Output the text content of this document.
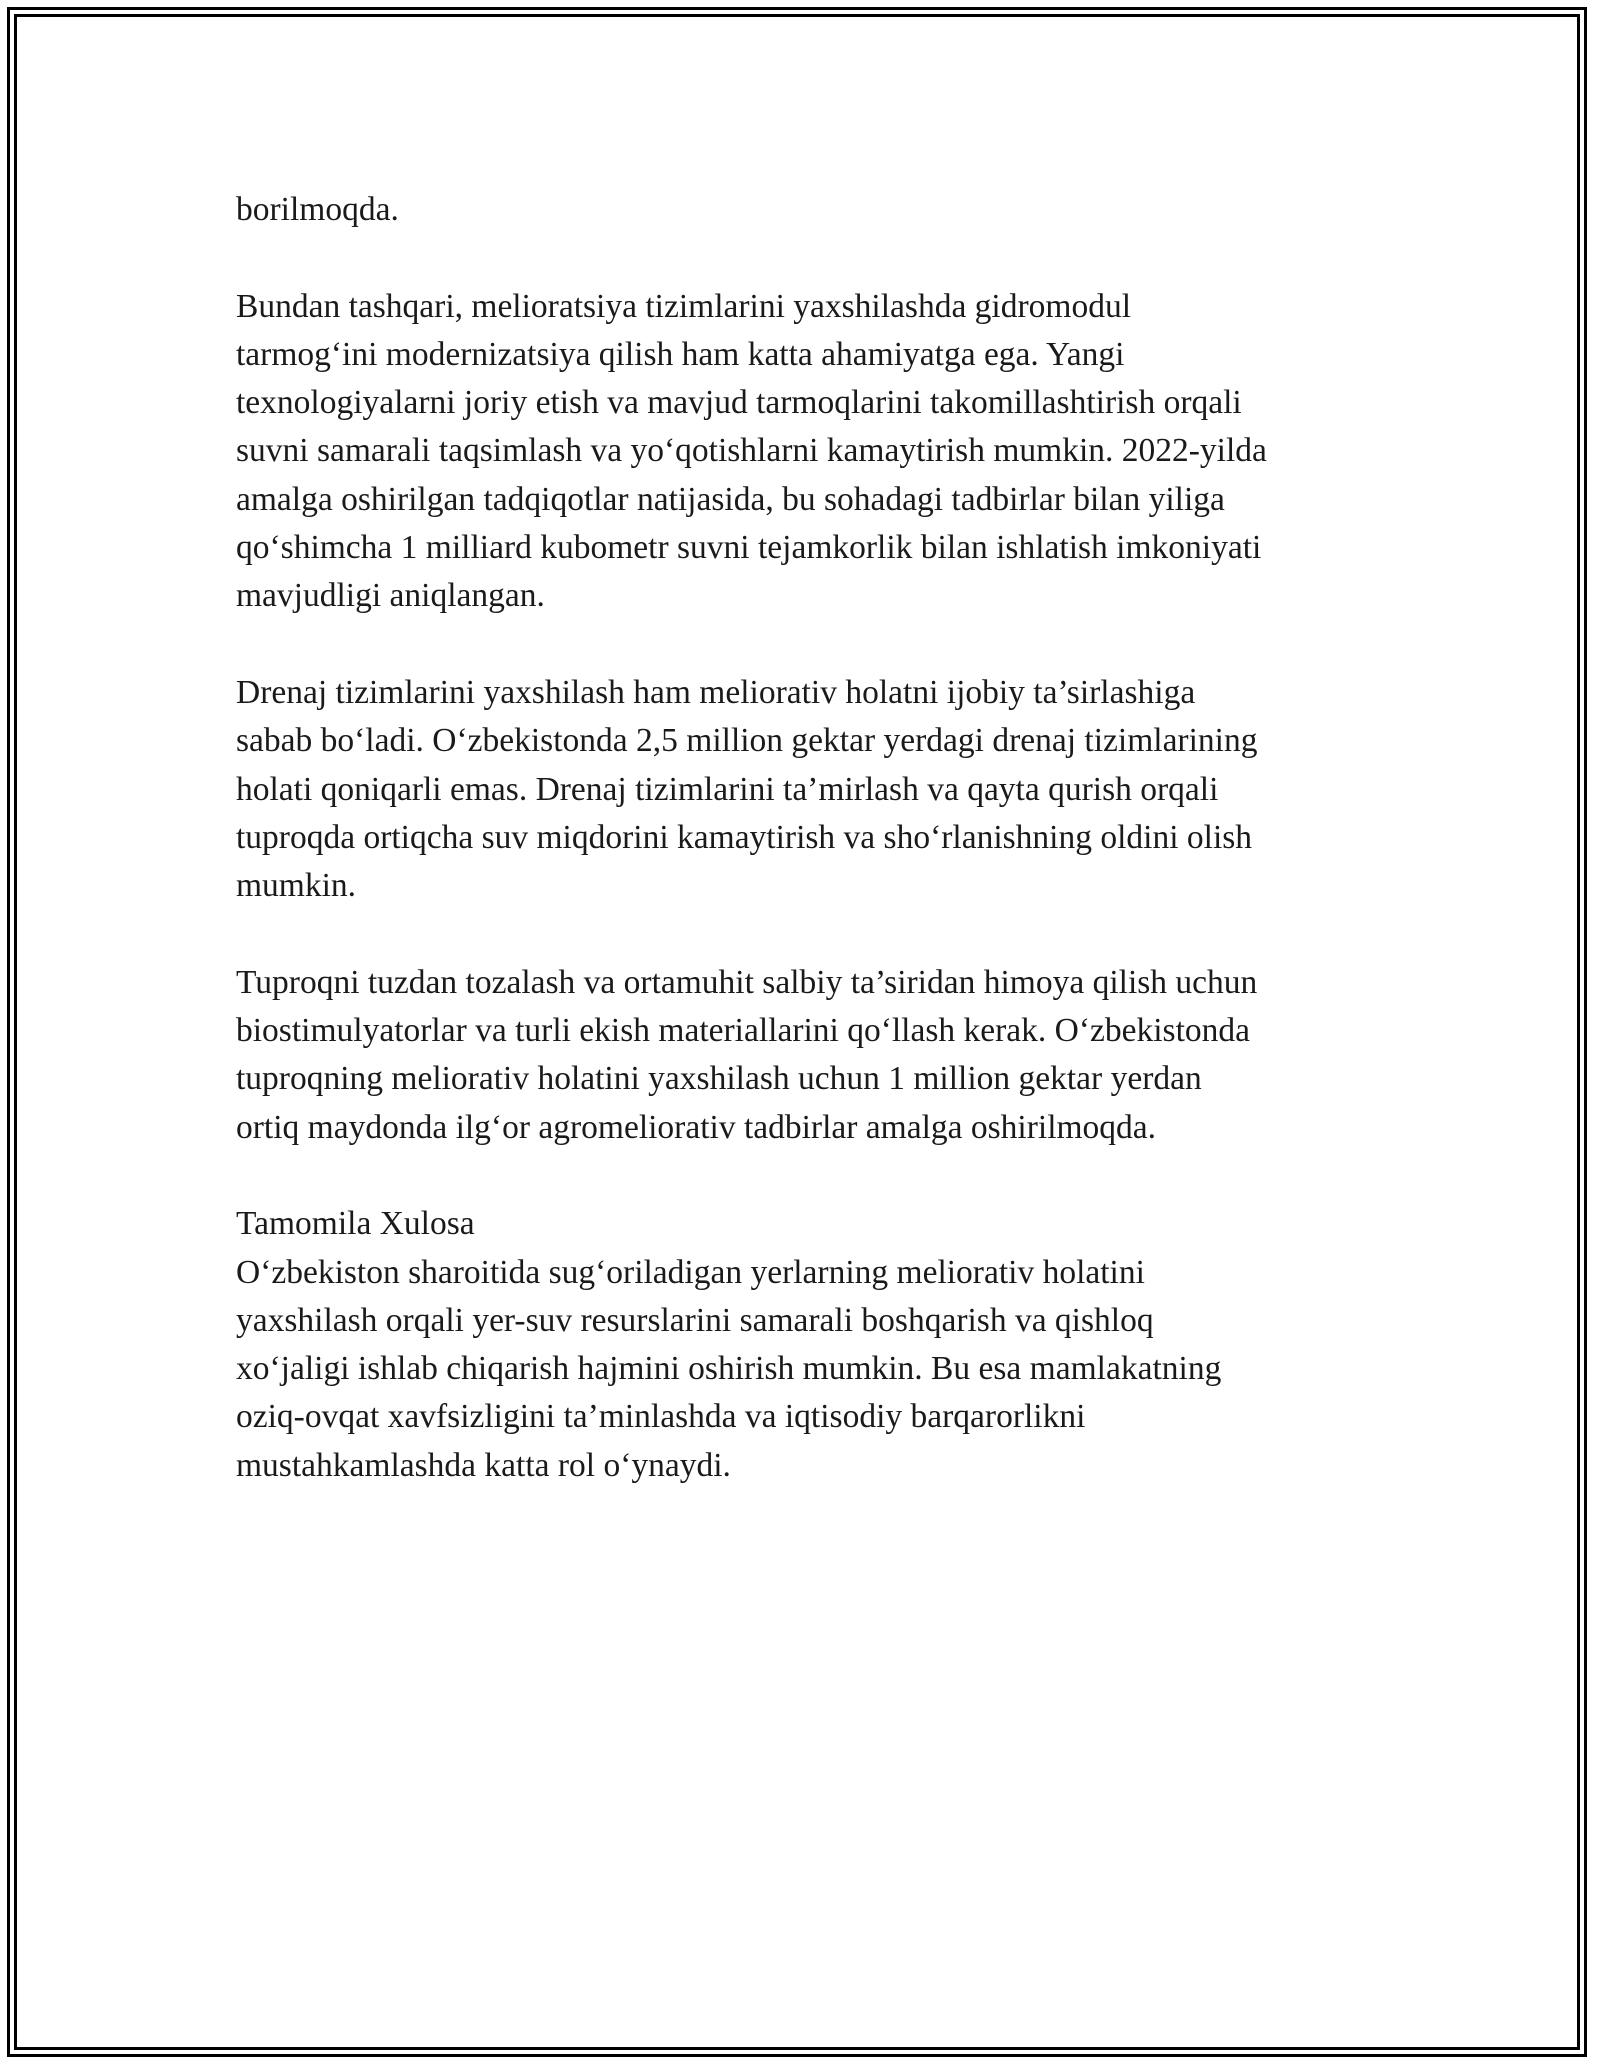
borilmoqda.

Bundan tashqari, melioratsiya tizimlarini yaxshilashda gidromodul
tarmog‘ini modernizatsiya qilish ham katta ahamiyatga ega. Yangi
texnologiyalarni joriy etish va mavjud tarmoqlarini takomillashtirish orqali
suvni samarali taqsimlash va yo‘qotishlarni kamaytirish mumkin. 2022-yilda
amalga oshirilgan tadqiqotlar natijasida, bu sohadagi tadbirlar bilan yiliga
qo‘shimcha 1 milliard kubometr suvni tejamkorlik bilan ishlatish imkoniyati
mavjudligi aniqlangan.

Drenaj tizimlarini yaxshilash ham meliorativ holatni ijobiy ta’sirlashiga
sabab bo‘ladi. O‘zbekistonda 2,5 million gektar yerdagi drenaj tizimlarining
holati qoniqarli emas. Drenaj tizimlarini ta’mirlash va qayta qurish orqali
tuproqda ortiqcha suv miqdorini kamaytirish va sho‘rlanishning oldini olish
mumkin.

Tuproqni tuzdan tozalash va ortamuhit salbiy ta’siridan himoya qilish uchun
biostimulyatorlar va turli ekish materiallarini qo‘llash kerak. O‘zbekistonda
tuproqning meliorativ holatini yaxshilash uchun 1 million gektar yerdan
ortiq maydonda ilg‘or agromeliorativ tadbirlar amalga oshirilmoqda.

Tamomila Xulosa
O‘zbekiston sharoitida sug‘oriladigan yerlarning meliorativ holatini
yaxshilash orqali yer-suv resurslarini samarali boshqarish va qishloq
xo‘jaligi ishlab chiqarish hajmini oshirish mumkin. Bu esa mamlakatning
oziq-ovqat xavfsizligini ta’minlashda va iqtisodiy barqarorlikni
mustahkamlashda katta rol o‘ynaydi.
